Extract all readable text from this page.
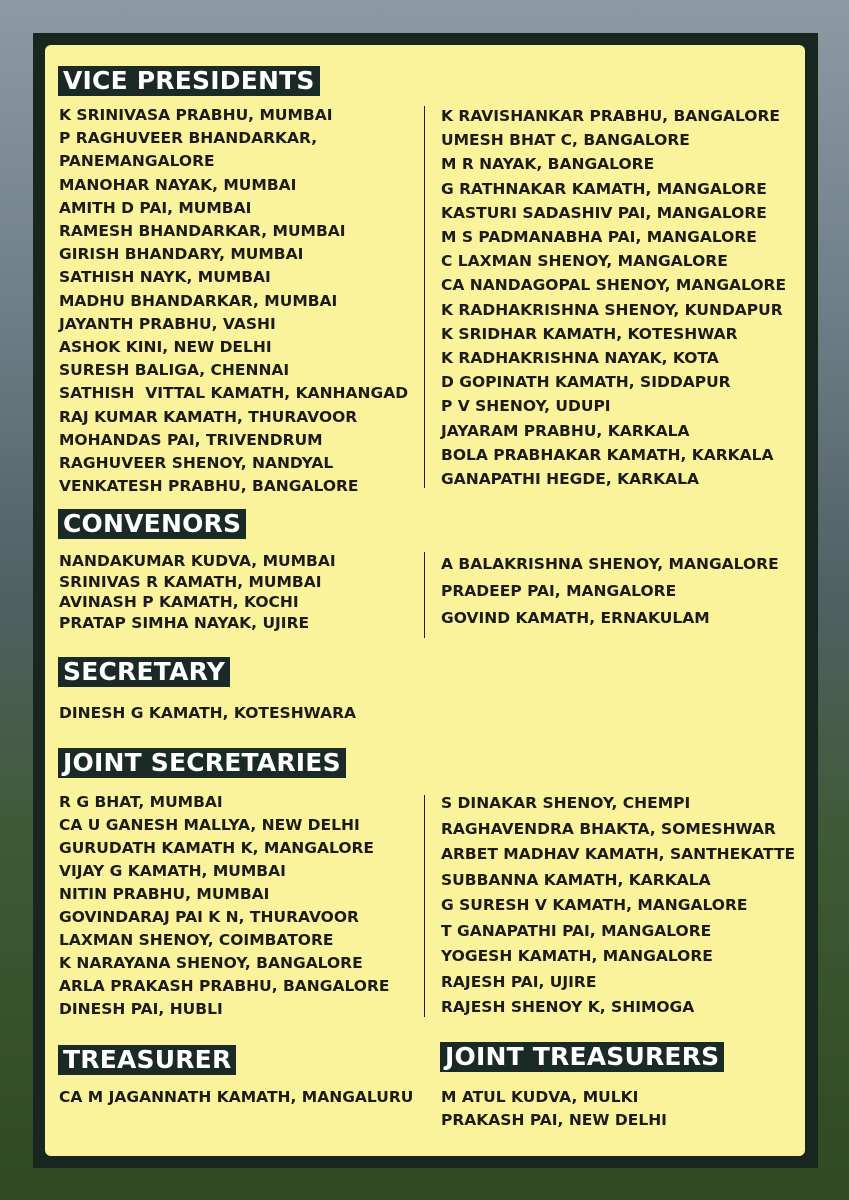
VICE PRESIDENTS
K SRINIVASA PRABHU, MUMBAI
P RAGHUVEER BHANDARKAR,
PANEMANGALORE
MANOHAR NAYAK, MUMBAI
AMITH D PAI, MUMBAI
RAMESH BHANDARKAR, MUMBAI
GIRISH BHANDARY, MUMBAI
SATHISH NAYK, MUMBAI
MADHU BHANDARKAR, MUMBAI
JAYANTH PRABHU, VASHI
ASHOK KINI, NEW DELHI
SURESH BALIGA, CHENNAI
SATHISH  VITTAL KAMATH, KANHANGAD
RAJ KUMAR KAMATH, THURAVOOR
MOHANDAS PAI, TRIVENDRUM
RAGHUVEER SHENOY, NANDYAL
VENKATESH PRABHU, BANGALORE
K RAVISHANKAR PRABHU, BANGALORE
UMESH BHAT C, BANGALORE
M R NAYAK, BANGALORE
G RATHNAKAR KAMATH, MANGALORE
KASTURI SADASHIV PAI, MANGALORE
M S PADMANABHA PAI, MANGALORE
C LAXMAN SHENOY, MANGALORE
CA NANDAGOPAL SHENOY, MANGALORE
K RADHAKRISHNA SHENOY, KUNDAPUR
K SRIDHAR KAMATH, KOTESHWAR
K RADHAKRISHNA NAYAK, KOTA
D GOPINATH KAMATH, SIDDAPUR
P V SHENOY, UDUPI
JAYARAM PRABHU, KARKALA
BOLA PRABHAKAR KAMATH, KARKALA
GANAPATHI HEGDE, KARKALA
CONVENORS
NANDAKUMAR KUDVA, MUMBAI
SRINIVAS R KAMATH, MUMBAI
AVINASH P KAMATH, KOCHI
PRATAP SIMHA NAYAK, UJIRE
A BALAKRISHNA SHENOY, MANGALORE
PRADEEP PAI, MANGALORE
GOVIND KAMATH, ERNAKULAM
SECRETARY
DINESH G KAMATH, KOTESHWARA
JOINT SECRETARIES
R G BHAT, MUMBAI
CA U GANESH MALLYA, NEW DELHI
GURUDATH KAMATH K, MANGALORE
VIJAY G KAMATH, MUMBAI
NITIN PRABHU, MUMBAI
GOVINDARAJ PAI K N, THURAVOOR
LAXMAN SHENOY, COIMBATORE
K NARAYANA SHENOY, BANGALORE
ARLA PRAKASH PRABHU, BANGALORE
DINESH PAI, HUBLI
S DINAKAR SHENOY, CHEMPI
RAGHAVENDRA BHAKTA, SOMESHWAR
ARBET MADHAV KAMATH, SANTHEKATTE
SUBBANNA KAMATH, KARKALA
G SURESH V KAMATH, MANGALORE
T GANAPATHI PAI, MANGALORE
YOGESH KAMATH, MANGALORE
RAJESH PAI, UJIRE
RAJESH SHENOY K, SHIMOGA
TREASURER
CA M JAGANNATH KAMATH, MANGALURU
JOINT TREASURERS
M ATUL KUDVA, MULKI
PRAKASH PAI, NEW DELHI
